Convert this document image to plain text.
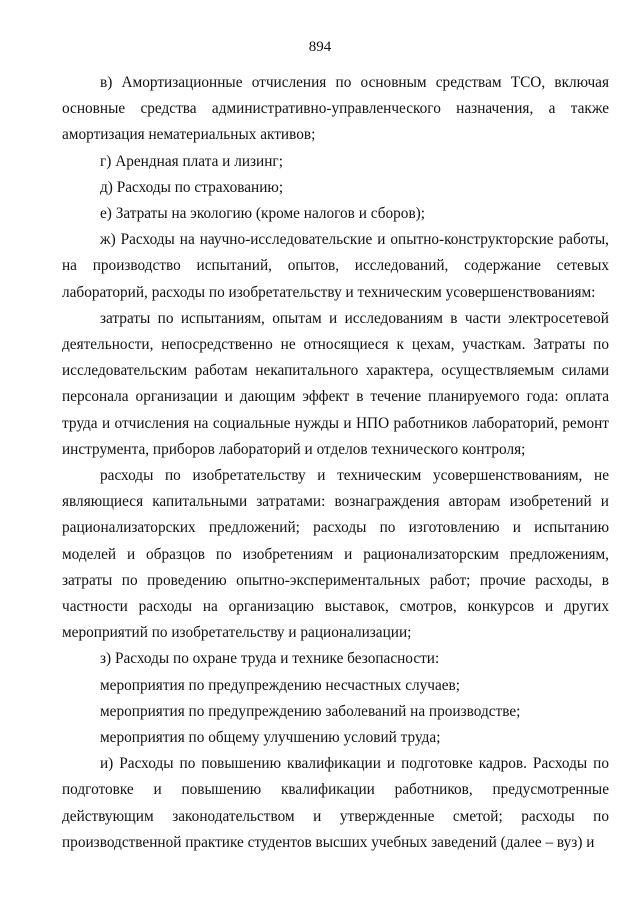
894

в) Амортизационные отчисления по основным средствам ТСО, включая основные средства административно-управленческого назначения, а также амортизация нематериальных активов;

г) Арендная плата и лизинг;

д) Расходы по страхованию;

е) Затраты на экологию (кроме налогов и сборов);

ж) Расходы на научно-исследовательские и опытно-конструкторские работы, на производство испытаний, опытов, исследований, содержание сетевых лабораторий, расходы по изобретательству и техническим усовершенствованиям:

затраты по испытаниям, опытам и исследованиям в части электросетевой деятельности, непосредственно не относящиеся к цехам, участкам. Затраты по исследовательским работам некапитального характера, осуществляемым силами персонала организации и дающим эффект в течение планируемого года: оплата труда и отчисления на социальные нужды и НПО работников лабораторий, ремонт инструмента, приборов лабораторий и отделов технического контроля;

расходы по изобретательству и техническим усовершенствованиям, не являющиеся капитальными затратами: вознаграждения авторам изобретений и рационализаторских предложений; расходы по изготовлению и испытанию моделей и образцов по изобретениям и рационализаторским предложениям, затраты по проведению опытно-экспериментальных работ; прочие расходы, в частности расходы на организацию выставок, смотров, конкурсов и других мероприятий по изобретательству и рационализации;

з) Расходы по охране труда и технике безопасности:

мероприятия по предупреждению несчастных случаев;

мероприятия по предупреждению заболеваний на производстве;

мероприятия по общему улучшению условий труда;

и) Расходы по повышению квалификации и подготовке кадров. Расходы по подготовке и повышению квалификации работников, предусмотренные действующим законодательством и утвержденные сметой; расходы по производственной практике студентов высших учебных заведений (далее – вуз) и
